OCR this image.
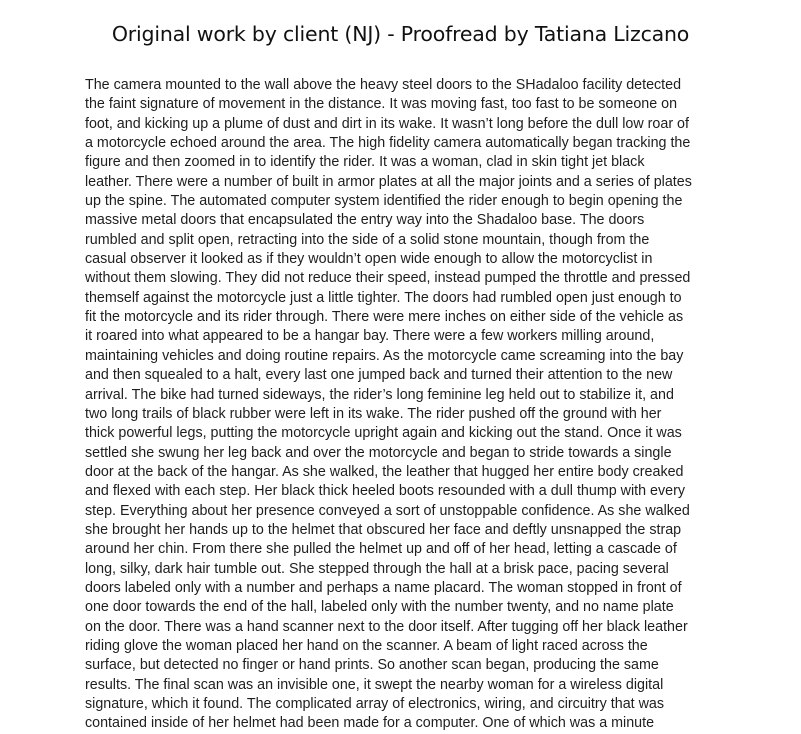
Original work by client (NJ) - Proofread by Tatiana Lizcano
The camera mounted to the wall above the heavy steel doors to the SHadaloo facility detected
the faint signature of movement in the distance. It was moving fast, too fast to be someone on
foot, and kicking up a plume of dust and dirt in its wake. It wasn’t long before the dull low roar of
a motorcycle echoed around the area. The high fidelity camera automatically began tracking the
figure and then zoomed in to identify the rider. It was a woman, clad in skin tight jet black
leather. There were a number of built in armor plates at all the major joints and a series of plates
up the spine. The automated computer system identified the rider enough to begin opening the
massive metal doors that encapsulated the entry way into the Shadaloo base. The doors
rumbled and split open, retracting into the side of a solid stone mountain, though from the
casual observer it looked as if they wouldn’t open wide enough to allow the motorcyclist in
without them slowing. They did not reduce their speed, instead pumped the throttle and pressed
themself against the motorcycle just a little tighter. The doors had rumbled open just enough to
fit the motorcycle and its rider through. There were mere inches on either side of the vehicle as
it roared into what appeared to be a hangar bay. There were a few workers milling around,
maintaining vehicles and doing routine repairs. As the motorcycle came screaming into the bay
and then squealed to a halt, every last one jumped back and turned their attention to the new
arrival. The bike had turned sideways, the rider’s long feminine leg held out to stabilize it, and
two long trails of black rubber were left in its wake. The rider pushed off the ground with her
thick powerful legs, putting the motorcycle upright again and kicking out the stand. Once it was
settled she swung her leg back and over the motorcycle and began to stride towards a single
door at the back of the hangar. As she walked, the leather that hugged her entire body creaked
and flexed with each step. Her black thick heeled boots resounded with a dull thump with every
step. Everything about her presence conveyed a sort of unstoppable confidence. As she walked
she brought her hands up to the helmet that obscured her face and deftly unsnapped the strap
around her chin. From there she pulled the helmet up and off of her head, letting a cascade of
long, silky, dark hair tumble out. She stepped through the hall at a brisk pace, pacing several
doors labeled only with a number and perhaps a name placard. The woman stopped in front of
one door towards the end of the hall, labeled only with the number twenty, and no name plate
on the door. There was a hand scanner next to the door itself. After tugging off her black leather
riding glove the woman placed her hand on the scanner. A beam of light raced across the
surface, but detected no finger or hand prints. So another scan began, producing the same
results. The final scan was an invisible one, it swept the nearby woman for a wireless digital
signature, which it found. The complicated array of electronics, wiring, and circuitry that was
contained inside of her helmet had been made for a computer. One of which was a minute
